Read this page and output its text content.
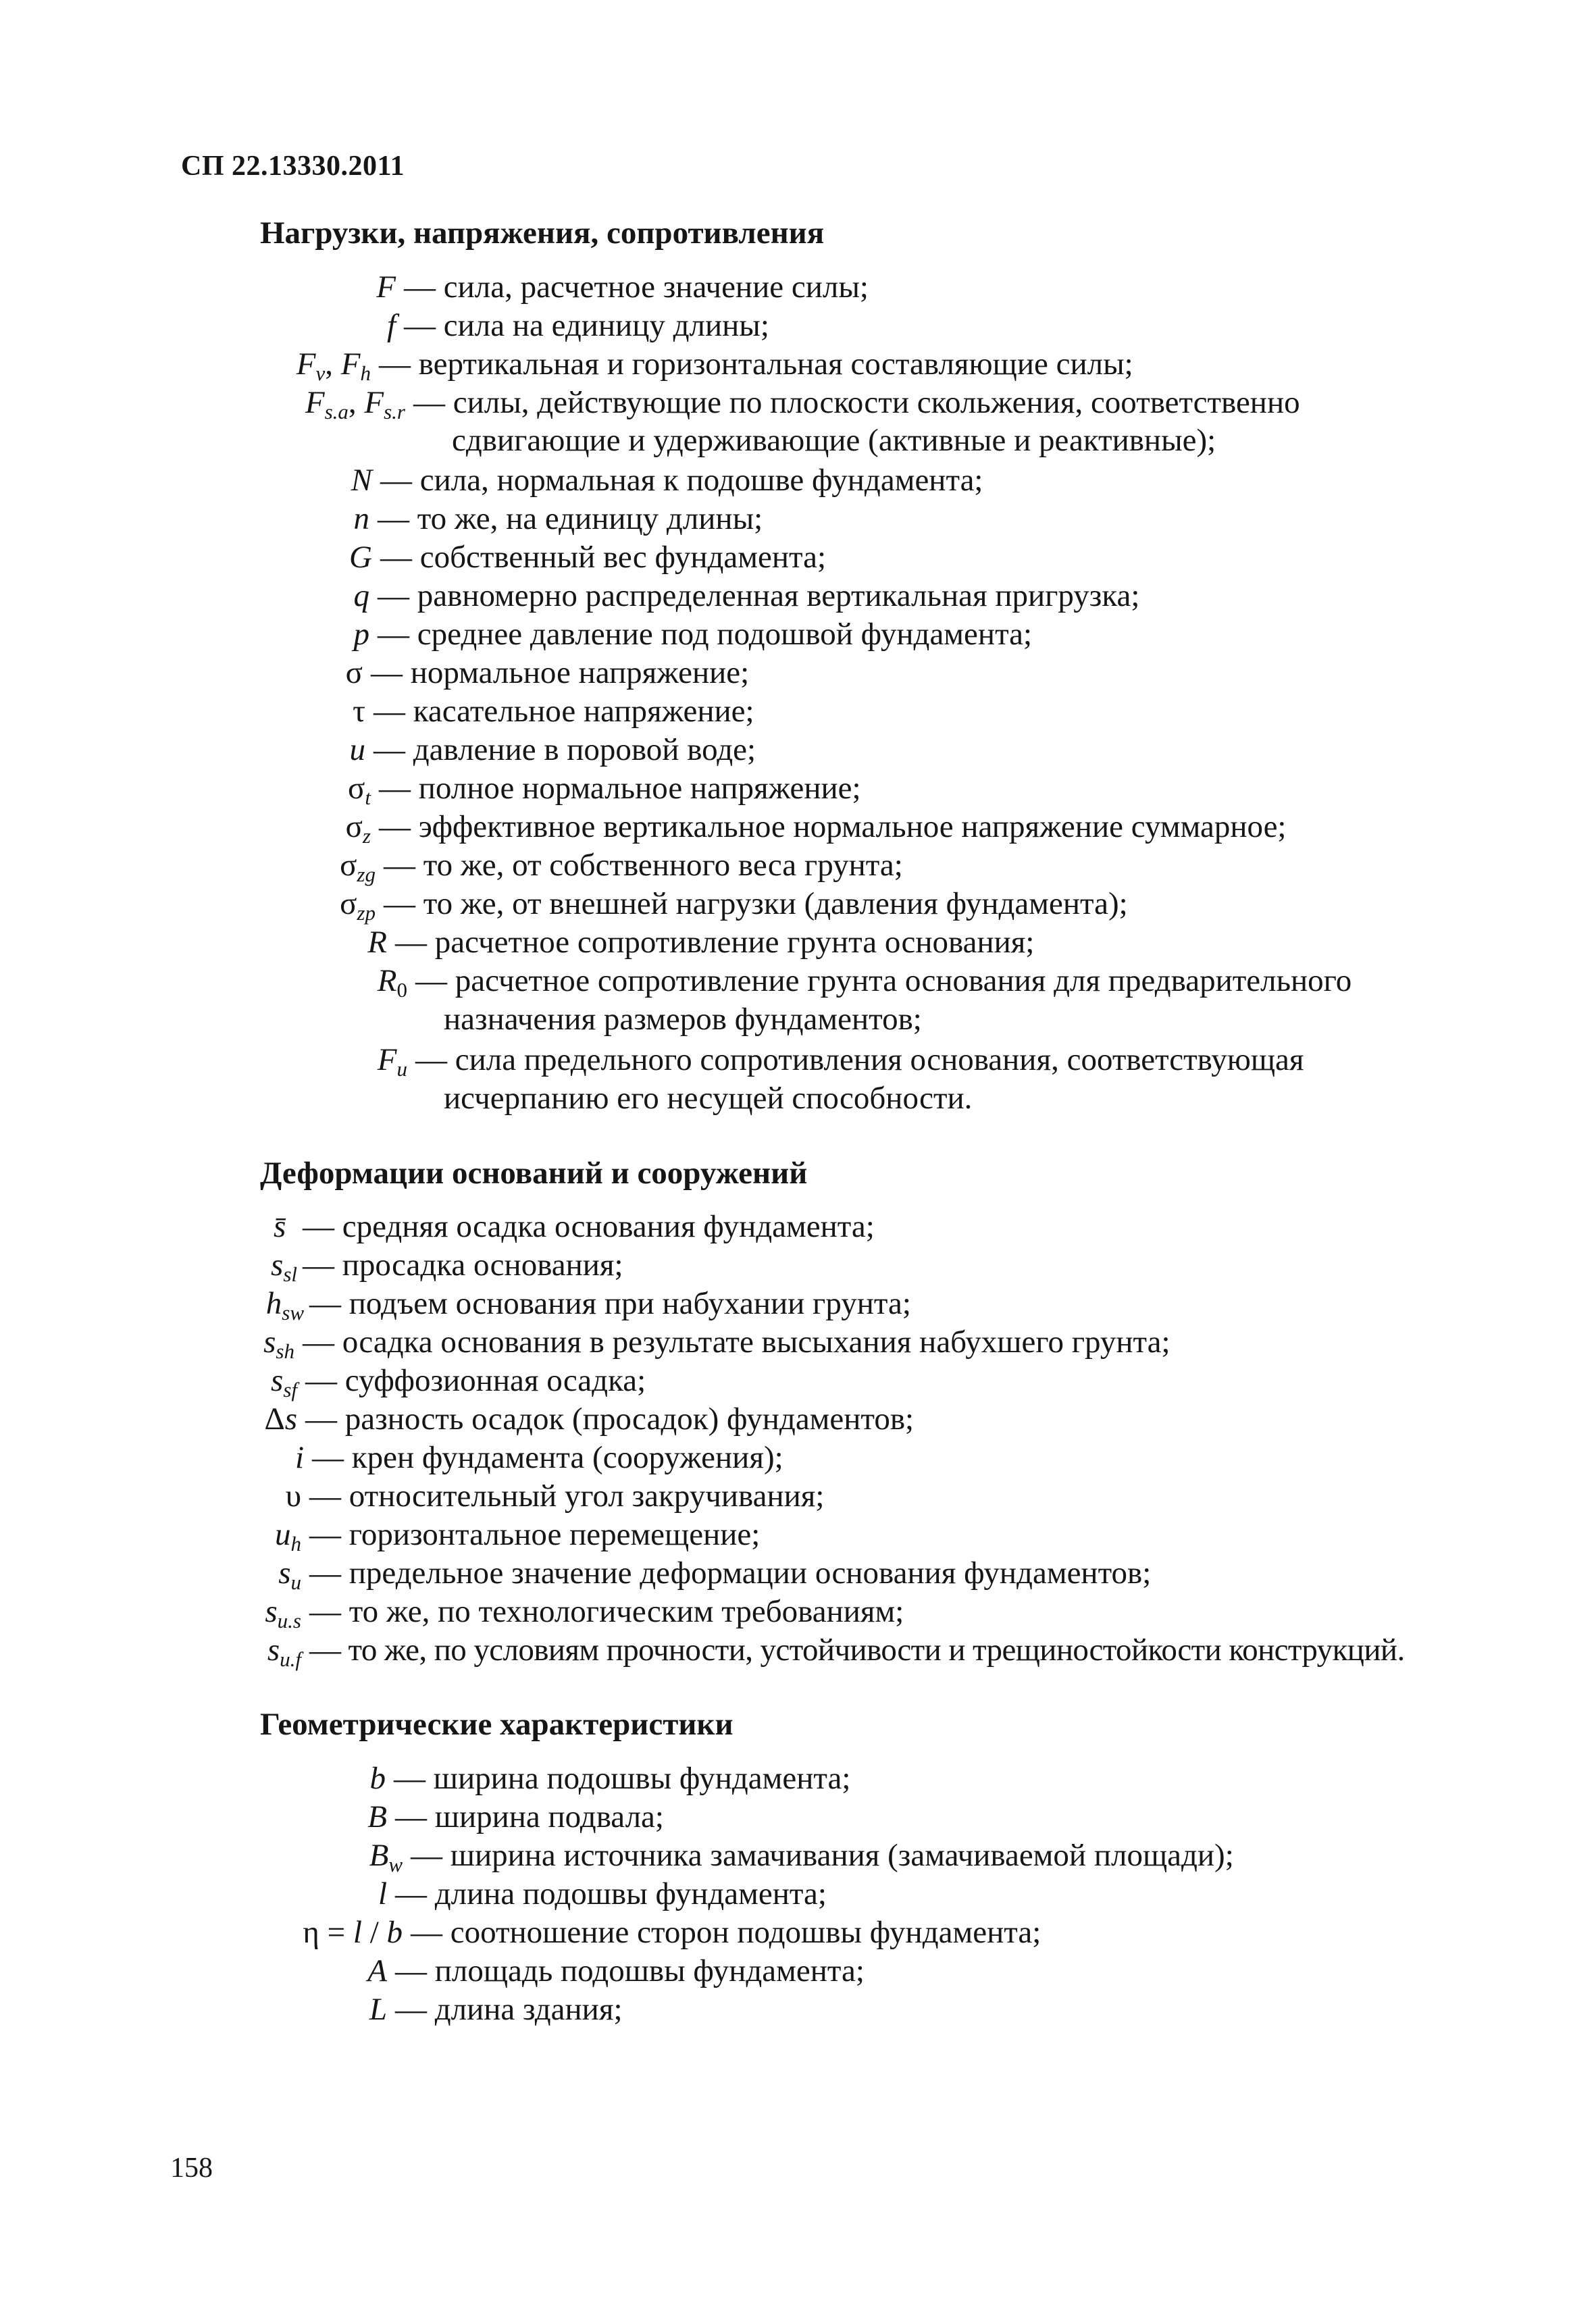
СП 22.13330.2011
Нагрузки, напряжения, сопротивления
F — сила, расчетное значение силы;
f — сила на единицу длины;
$F_v$, $F_h$ — вертикальная и горизонтальная составляющие силы;
$F_{s.a}$, $F_{s.r}$ — силы, действующие по плоскости скольжения, соответственно
сдвигающие и удерживающие (активные и реактивные);
N — сила, нормальная к подошве фундамента;
n — то же, на единицу длины;
G — собственный вес фундамента;
q — равномерно распределенная вертикальная пригрузка;
p — среднее давление под подошвой фундамента;
σ — нормальное напряжение;
τ — касательное напряжение;
u — давление в поровой воде;
$\sigma_t$ — полное нормальное напряжение;
$\sigma_z$ — эффективное вертикальное нормальное напряжение суммарное;
$\sigma_{zg}$ — то же, от собственного веса грунта;
$\sigma_{zp}$ — то же, от внешней нагрузки (давления фундамента);
R — расчетное сопротивление грунта основания;
$R_0$ — расчетное сопротивление грунта основания для предварительного
назначения размеров фундаментов;
$F_u$ — сила предельного сопротивления основания, соответствующая
исчерпанию его несущей способности.
Деформации оснований и сооружений
s̄ — средняя осадка основания фундамента;
$s_{sl}$ — просадка основания;
$h_{sw}$ — подъем основания при набухании грунта;
$s_{sh}$ — осадка основания в результате высыхания набухшего грунта;
$s_{sf}$ — суффозионная осадка;
Δs — разность осадок (просадок) фундаментов;
i — крен фундамента (сооружения);
υ — относительный угол закручивания;
$u_h$ — горизонтальное перемещение;
$s_u$ — предельное значение деформации основания фундаментов;
$s_{u.s}$ — то же, по технологическим требованиям;
$s_{u.f}$ — то же, по условиям прочности, устойчивости и трещиностойкости конструкций.
Геометрические характеристики
b — ширина подошвы фундамента;
B — ширина подвала;
$B_w$ — ширина источника замачивания (замачиваемой площади);
l — длина подошвы фундамента;
η = l / b — соотношение сторон подошвы фундамента;
A — площадь подошвы фундамента;
L — длина здания;
158
